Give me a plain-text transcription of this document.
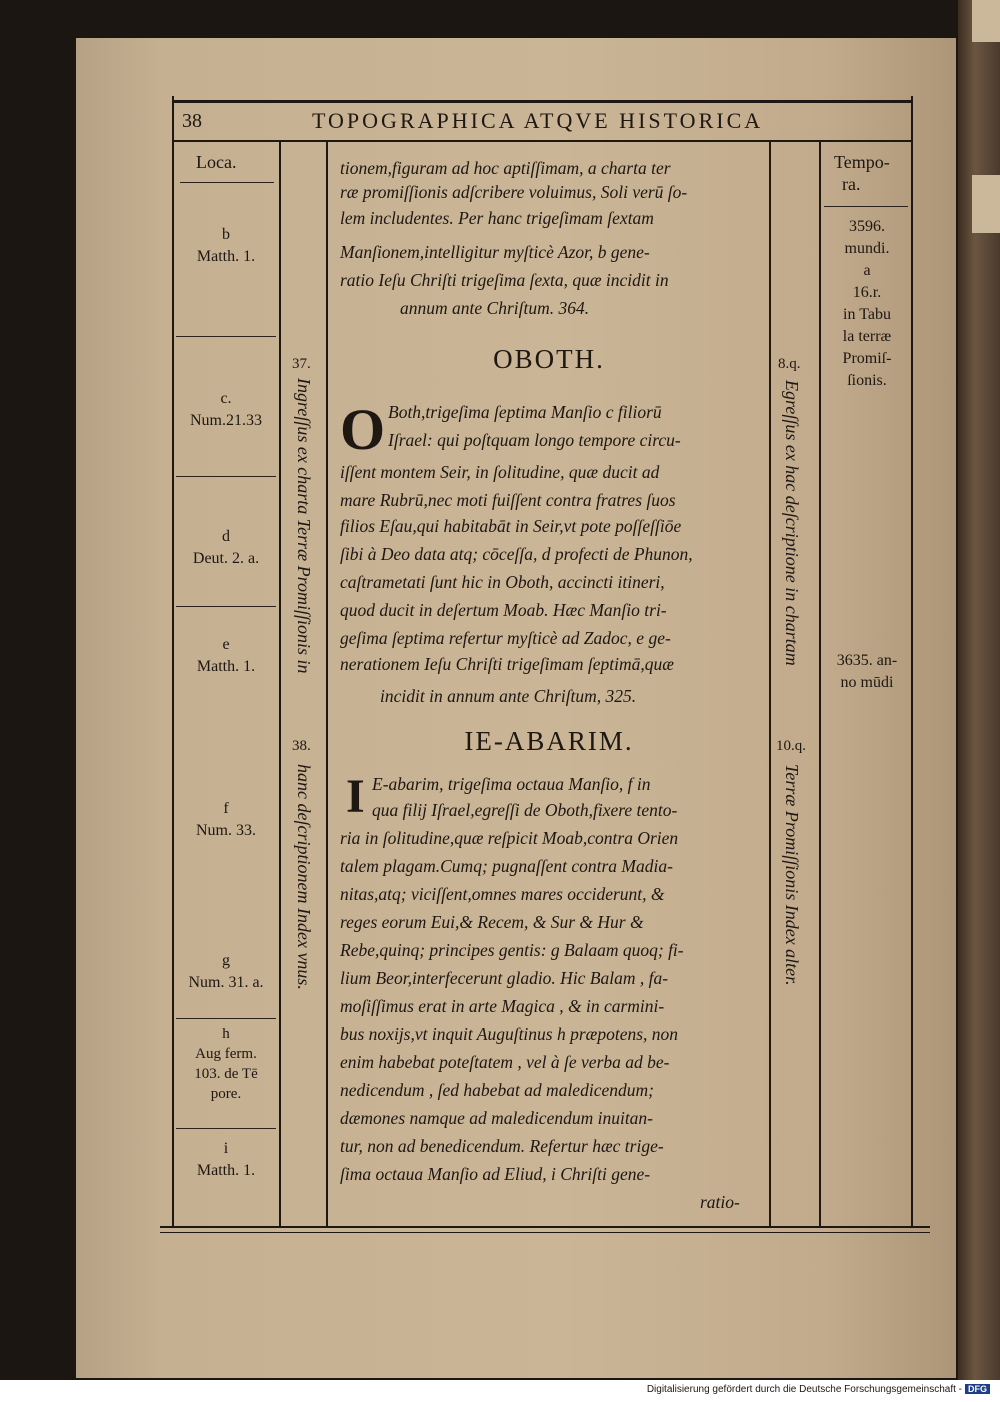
38	TOPOGRAPHICA ATQVE HISTORICA
Loca.	Tempo-
ra.
b
Matth. 1.
c.
Num.21.33
d
Deut. 2. a.
e
Matth. 1.
f
Num. 33.
g
Num. 31. a.
h
Aug ferm. 103. de Tē pore.
i
Matth. 1.
37.
Ingreſſus ex charta Terræ Promiſſionis in
38.
hanc deſcriptionem Index vnus.
8.q.
Egreſſus ex hac deſcriptione in chartam
10.q.
Terræ Promiſſionis Index alter.
tionem,figuram ad hoc aptiſſimam, a charta ter
ræ promiſſionis adſcribere voluimus, Soli verū ſo-
lem includentes. Per hanc trigeſimam ſextam
Manſionem,intelligitur myſticè Azor, b gene-
ratio Ieſu Chriſti trigeſima ſexta, quæ incidit in
annum ante Chriſtum. 364.
OBOTH.
O Both,trigeſima ſeptima Manſio c filiorū
Iſrael: qui poſtquam longo tempore circu-
iſſent montem Seir, in ſolitudine, quæ ducit ad
mare Rubrū,nec moti fuiſſent contra fratres ſuos
filios Eſau,qui habitabāt in Seir,vt pote poſſeſſiōe
ſibi à Deo data atq; cōceſſa, d profecti de Phunon,
caſtrametati ſunt hic in Oboth, accincti itineri,
quod ducit in deſertum Moab. Hæc Manſio tri-
geſima ſeptima refertur myſticè ad Zadoc, e ge-
nerationem Ieſu Chriſti trigeſimam ſeptimā,quæ
incidit in annum ante Chriſtum, 325.
IE-ABARIM.
I E-abarim, trigeſima octaua Manſio, f in
qua filij Iſrael,egreſſi de Oboth,fixere tento-
ria in ſolitudine,quæ reſpicit Moab,contra Orien
talem plagam.Cumq; pugnaſſent contra Madia-
nitas,atq; viciſſent,omnes mares occiderunt, &
reges eorum Eui,& Recem, & Sur & Hur &
Rebe,quinq; principes gentis: g Balaam quoq; fi-
lium Beor,interfecerunt gladio. Hic Balam , fa-
moſiſſimus erat in arte Magica , & in carmini-
bus noxijs,vt inquit Auguſtinus h præpotens, non
enim habebat poteſtatem , vel à ſe verba ad be-
nedicendum , ſed habebat ad maledicendum;
dæmones namque ad maledicendum inuitan-
tur, non ad benedicendum. Refertur hæc trige-
ſima octaua Manſio ad Eliud, i Chriſti gene-
ratio-
3596.
mundi.
a
16.r.
in Tabu
la terræ
Promiſ-
ſionis.
3635. an-
no mūdi
Digitalisierung gefördert durch die Deutsche Forschungsgemeinschaft - DFG
